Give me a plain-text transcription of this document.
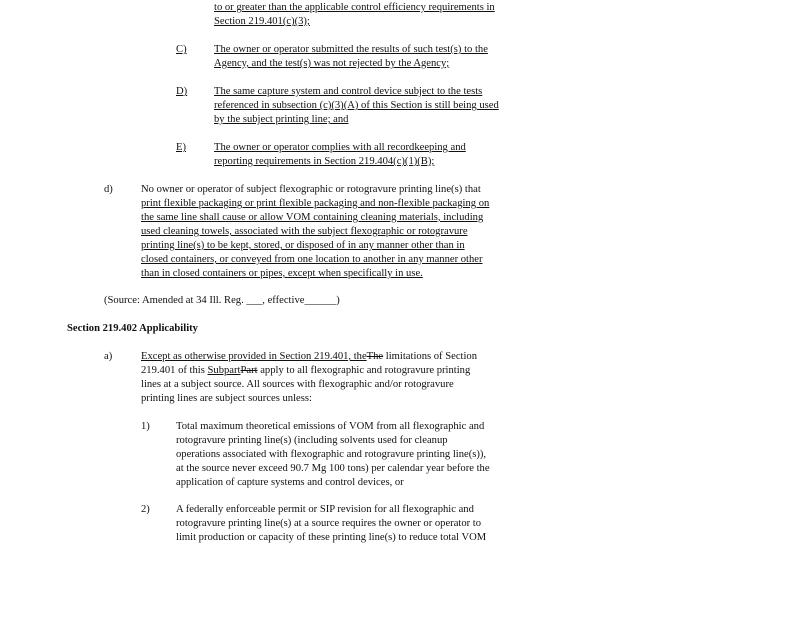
to or greater than the applicable control efficiency requirements in
Section 219.401(c)(3);
C)	The owner or operator submitted the results of such test(s) to the
Agency, and the test(s) was not rejected by the Agency;
D)	The same capture system and control device subject to the tests
referenced in subsection (c)(3)(A) of this Section is still being used
by the subject printing line; and
E)	The owner or operator complies with all recordkeeping and
reporting requirements in Section 219.404(c)(1)(B);
d)	No owner or operator of subject flexographic or rotogravure printing line(s) that
print flexible packaging or print flexible packaging and non-flexible packaging on
the same line shall cause or allow VOM containing cleaning materials, including
used cleaning towels, associated with the subject flexographic or rotogravure
printing line(s) to be kept, stored, or disposed of in any manner other than in
closed containers, or conveyed from one location to another in any manner other
than in closed containers or pipes, except when specifically in use.
(Source: Amended at 34 Ill. Reg. ___, effective______)
Section 219.402 Applicability
a)	Except as otherwise provided in Section 219.401, theThe limitations of Section
219.401 of this SubpartPart apply to all flexographic and rotogravure printing
lines at a subject source. All sources with flexographic and/or rotogravure
printing lines are subject sources unless:
1) Total maximum theoretical emissions of VOM from all flexographic and
rotogravure printing line(s) (including solvents used for cleanup
operations associated with flexographic and rotogravure printing line(s)),
at the source never exceed 90.7 Mg 100 tons) per calendar year before the
application of capture systems and control devices, or
2) A federally enforceable permit or SIP revision for all flexographic and
rotogravure printing line(s) at a source requires the owner or operator to
limit production or capacity of these printing line(s) to reduce total VOM
